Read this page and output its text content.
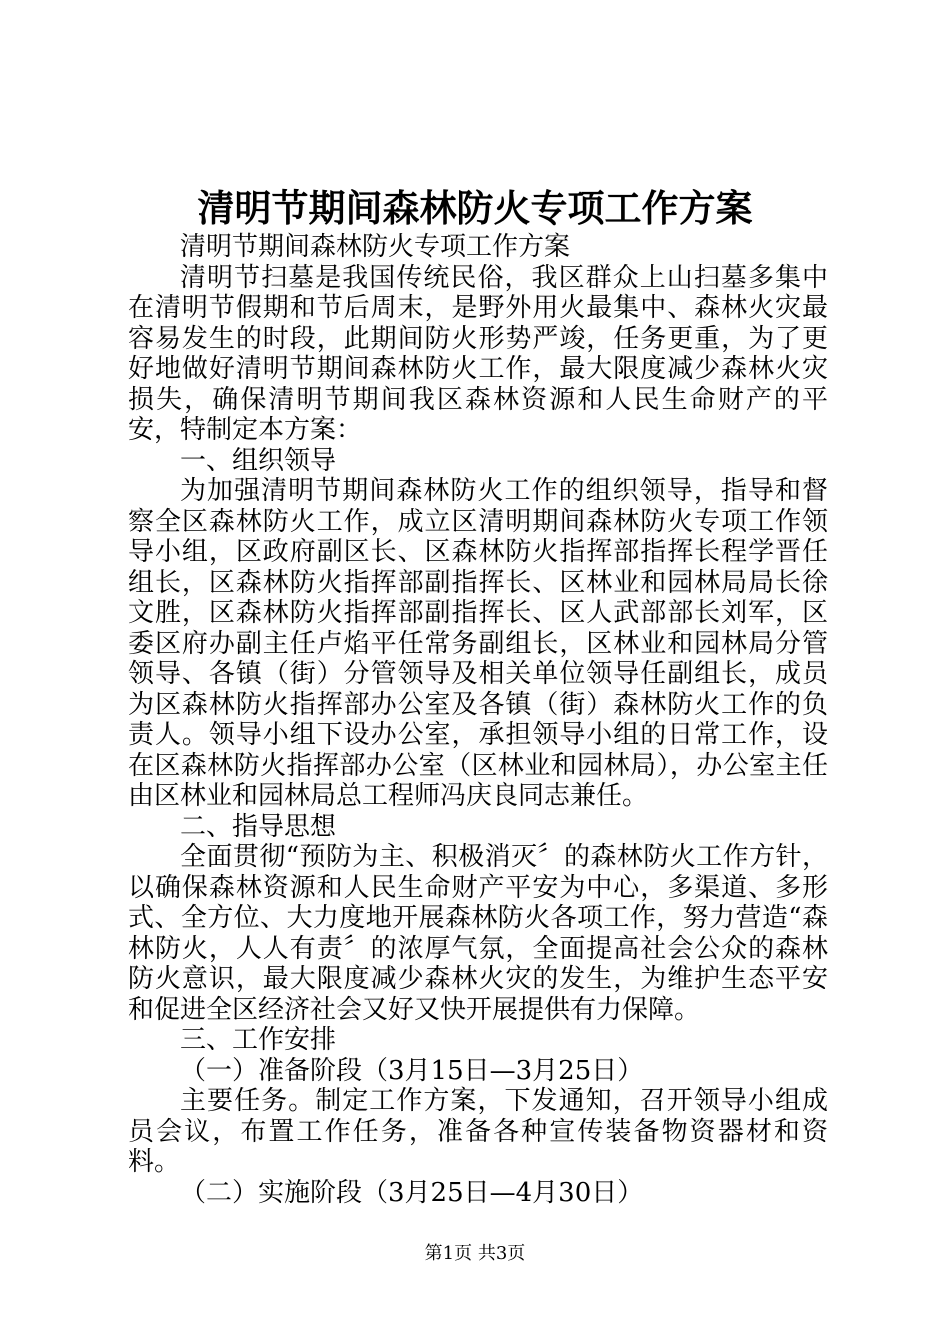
清明节期间森林防火专项工作方案

清明节期间森林防火专项工作方案

清明节扫墓是我国传统民俗，我区群众上山扫墓多集中在清明节假期和节后周末，是野外用火最集中、森林火灾最容易发生的时段，此期间防火形势严竣，任务更重，为了更好地做好清明节期间森林防火工作，最大限度减少森林火灾损失，确保清明节期间我区森林资源和人民生命财产的平安，特制定本方案：

一、组织领导

为加强清明节期间森林防火工作的组织领导，指导和督察全区森林防火工作，成立区清明期间森林防火专项工作领导小组，区政府副区长、区森林防火指挥部指挥长程学晋任组长，区森林防火指挥部副指挥长、区林业和园林局局长徐文胜，区森林防火指挥部副指挥长、区人武部部长刘军，区委区府办副主任卢焰平任常务副组长，区林业和园林局分管领导、各镇（街）分管领导及相关单位领导任副组长，成员为区森林防火指挥部办公室及各镇（街）森林防火工作的负责人。领导小组下设办公室，承担领导小组的日常工作，设在区森林防火指挥部办公室（区林业和园林局），办公室主任由区林业和园林局总工程师冯庆良同志兼任。

二、指导思想

全面贯彻“预防为主、积极消灭〞的森林防火工作方针，以确保森林资源和人民生命财产平安为中心，多渠道、多形式、全方位、大力度地开展森林防火各项工作，努力营造“森林防火，人人有责〞的浓厚气氛，全面提高社会公众的森林防火意识，最大限度减少森林火灾的发生，为维护生态平安和促进全区经济社会又好又快开展提供有力保障。

三、工作安排

（一）准备阶段（3月15日—3月25日）

主要任务。制定工作方案，下发通知，召开领导小组成员会议，布置工作任务，准备各种宣传装备物资器材和资料。

（二）实施阶段（3月25日—4月30日）

第1页 共3页
